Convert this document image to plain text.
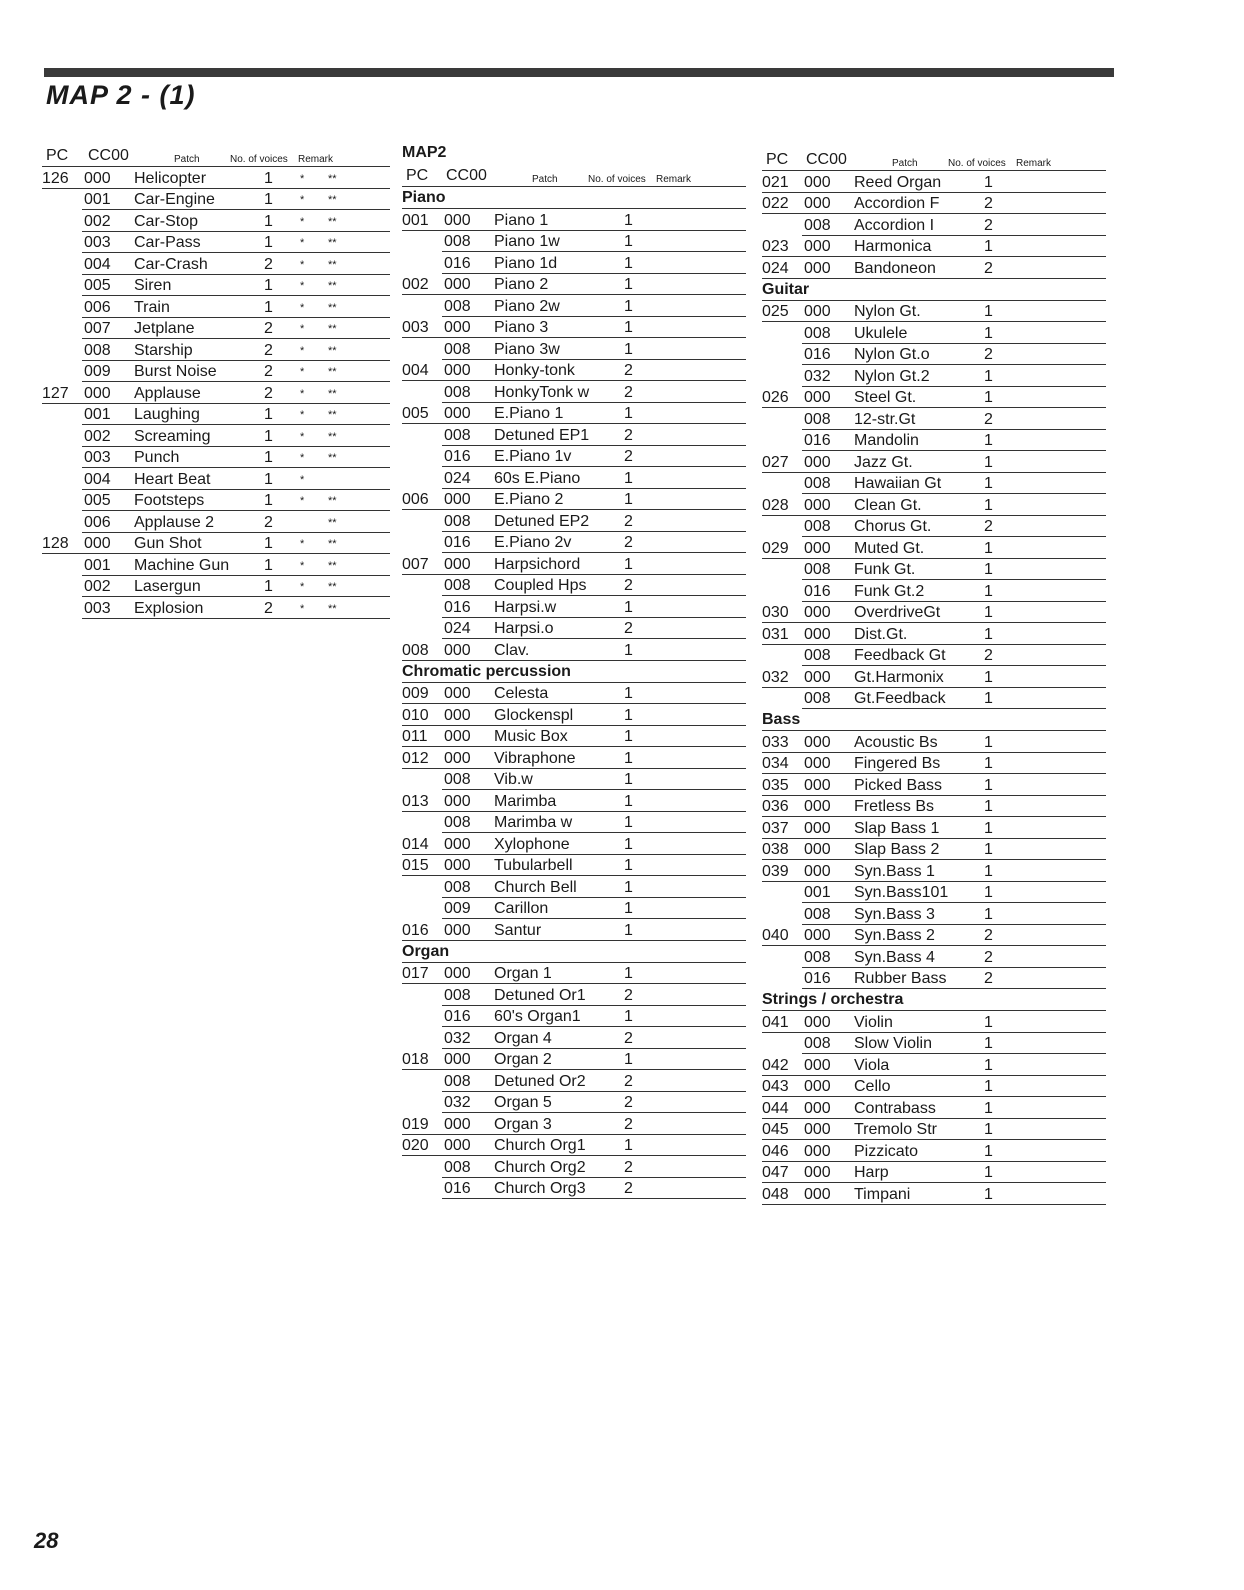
MAP 2 - (1)
PC CC00	Patch	No. of voices Remark
126 000 Helicopter	1 * **
001 Car-Engine	1 * **
002 Car-Stop	1 * **
003 Car-Pass	1 * **
004 Car-Crash	2 * **
005 Siren	1 * **
006 Train	1 * **
007 Jetplane	2 * **
008 Starship	2 * **
009 Burst Noise	2 * **
127 000 Applause	2 * **
001 Laughing	1 * **
002 Screaming	1 * **
003 Punch	1 * **
004 Heart Beat	1 *
005 Footsteps	1 * **
006 Applause 2	2	**
128 000 Gun Shot	1 * **
001 Machine Gun 1 * **
002 Lasergun	1 * **
003 Explosion	2 * **
MAP2
PC CC00	Patch	No. of voices Remark
Piano
001 000 Piano 1	1
008 Piano 1w	1
016 Piano 1d	1
002 000 Piano 2	1
008 Piano 2w	1
003 000 Piano 3	1
008 Piano 3w	1
004 000 Honky-tonk	2
008 HonkyTonk w 2
005 000 E.Piano 1	1
008 Detuned EP1 2
016 E.Piano 1v	2
024 60s E.Piano	1
006 000 E.Piano 2	1
008 Detuned EP2 2
016 E.Piano 2v	2
007 000 Harpsichord	1
008 Coupled Hps 2
016 Harpsi.w	1
024 Harpsi.o	2
008 000 Clav.	1
Chromatic percussion
009 000 Celesta	1
010 000 Glockenspl	1
011 000 Music Box	1
012 000 Vibraphone	1
008 Vib.w	1
013 000 Marimba	1
008 Marimba w	1
014 000 Xylophone	1
015 000 Tubularbell	1
008 Church Bell	1
009 Carillon	1
016 000 Santur	1
Organ
017 000 Organ 1	1
008 Detuned Or1 2
016 60's Organ1	1
032 Organ 4	2
018 000 Organ 2	1
008 Detuned Or2 2
032 Organ 5	2
019 000 Organ 3	2
020 000 Church Org1 1
008 Church Org2 2
016 Church Org3 2
PC CC00	Patch	No. of voices Remark
021 000 Reed Organ	1
022 000 Accordion F	2
008 Accordion I	2
023 000 Harmonica	1
024 000 Bandoneon	2
Guitar
025 000 Nylon Gt.	1
008 Ukulele	1
016 Nylon Gt.o	2
032 Nylon Gt.2	1
026 000 Steel Gt.	1
008 12-str.Gt	2
016 Mandolin	1
027 000 Jazz Gt.	1
008 Hawaiian Gt	1
028 000 Clean Gt.	1
008 Chorus Gt.	2
029 000 Muted Gt.	1
008 Funk Gt.	1
016 Funk Gt.2	1
030 000 OverdriveGt	1
031 000 Dist.Gt.	1
008 Feedback Gt 2
032 000 Gt.Harmonix	1
008 Gt.Feedback 1
Bass
033 000 Acoustic Bs	1
034 000 Fingered Bs	1
035 000 Picked Bass	1
036 000 Fretless Bs	1
037 000 Slap Bass 1	1
038 000 Slap Bass 2	1
039 000 Syn.Bass 1	1
001 Syn.Bass101 1
008 Syn.Bass 3	1
040 000 Syn.Bass 2	2
008 Syn.Bass 4	2
016 Rubber Bass 2
Strings / orchestra
041 000 Violin	1
008 Slow Violin	1
042 000 Viola	1
043 000 Cello	1
044 000 Contrabass	1
045 000 Tremolo Str	1
046 000 Pizzicato	1
047 000 Harp	1
048 000 Timpani	1
28
